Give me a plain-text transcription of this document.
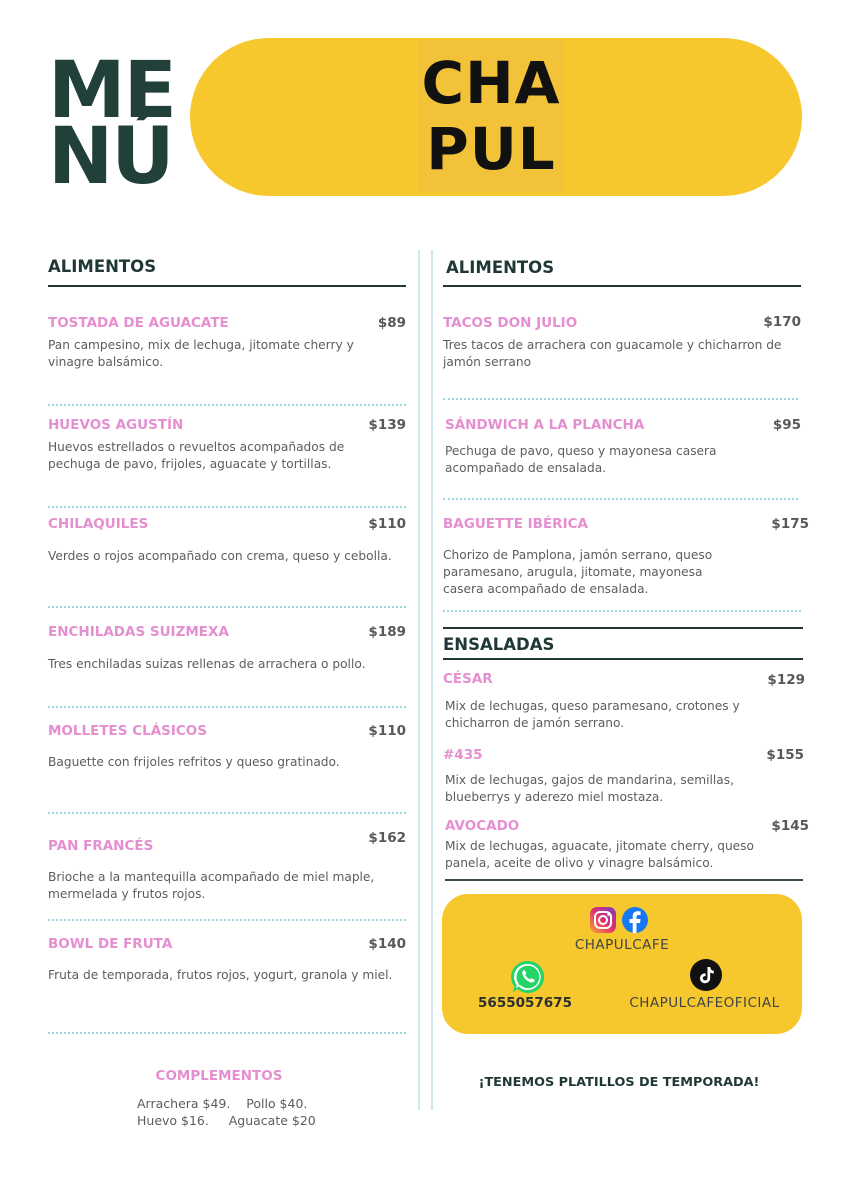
ME
NÚ
CHA
PUL
ALIMENTOS
TOSTADA DE AGUACATE	$89
Pan campesino, mix de lechuga, jitomate cherry y vinagre balsámico.
HUEVOS AGUSTÍN	$139
Huevos estrellados o revueltos acompañados de pechuga de pavo, frijoles, aguacate y tortillas.
CHILAQUILES	$110
Verdes o rojos acompañado con crema, queso y cebolla.
ENCHILADAS SUIZMEXA	$189
Tres enchiladas suizas rellenas de arrachera o pollo.
MOLLETES CLÁSICOS	$110
Baguette con frijoles refritos y queso gratinado.
PAN FRANCÉS	$162
Brioche a la mantequilla acompañado de miel maple, mermelada y frutos rojos.
BOWL DE FRUTA	$140
Fruta de temporada, frutos rojos, yogurt, granola y miel.
COMPLEMENTOS
Arrachera $49.    Pollo $40.
Huevo $16.     Aguacate $20
ALIMENTOS
TACOS DON JULIO	$170
Tres tacos de arrachera con guacamole y chicharron de jamón serrano
SÁNDWICH A LA PLANCHA	$95
Pechuga de pavo, queso y mayonesa casera acompañado de ensalada.
BAGUETTE IBÉRICA	$175
Chorizo de Pamplona, jamón serrano, queso paramesano, arugula, jitomate, mayonesa casera acompañado de ensalada.
ENSALADAS
CÉSAR	$129
Mix de lechugas, queso paramesano, crotones y chicharron de jamón serrano.
#435	$155
Mix de lechugas, gajos de mandarina, semillas, blueberrys y aderezo miel mostaza.
AVOCADO	$145
Mix de lechugas, aguacate, jitomate cherry, queso panela, aceite de olivo y vinagre balsámico.
CHAPULCAFE
5655057675	CHAPULCAFEOFICIAL
¡TENEMOS PLATILLOS DE TEMPORADA!
